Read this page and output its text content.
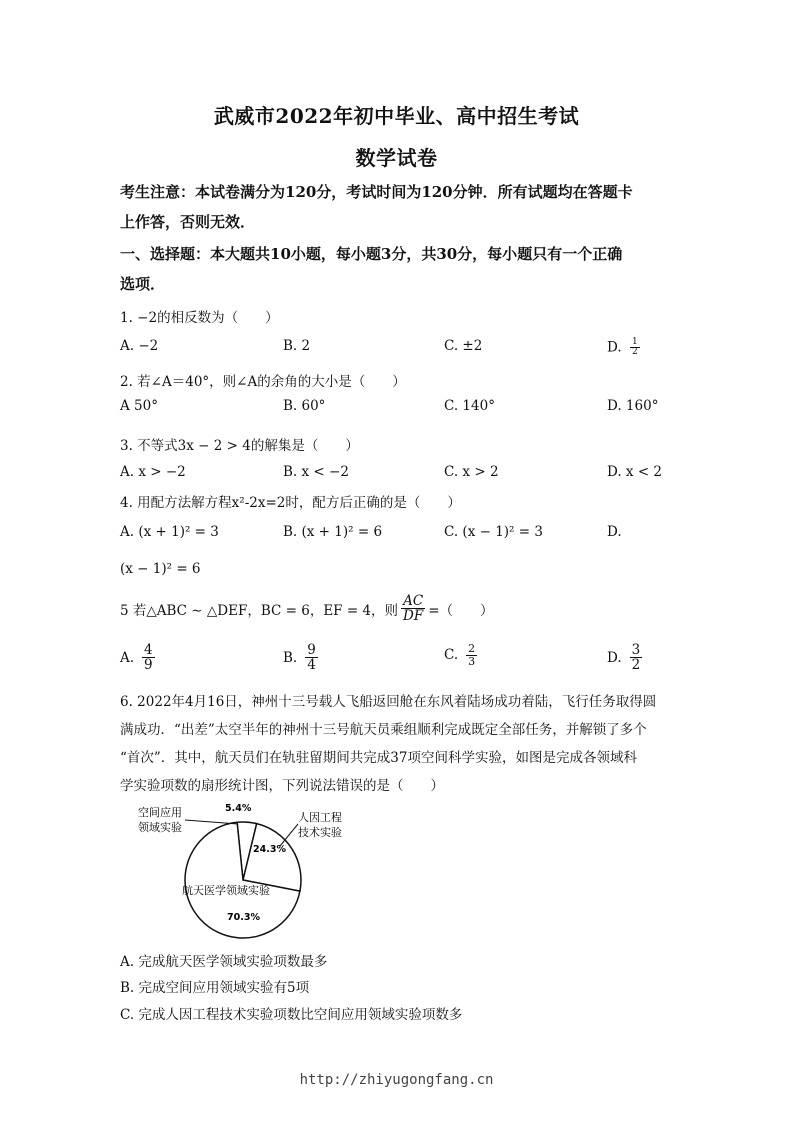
武威市2022年初中毕业、高中招生考试
数学试卷
考生注意：本试卷满分为120分，考试时间为120分钟．所有试题均在答题卡
上作答，否则无效．
一、选择题：本大题共10小题，每小题3分，共30分，每小题只有一个正确
选项．
1. −2的相反数为（　　）
A. −2	B. 2	C. ±2	D. $\frac{1}{2}$
2. 若∠A＝40°，则∠A的余角的大小是（　　）
A 50°	B. 60°	C. 140°	D. 160°
3. 不等式3x − 2 > 4的解集是（　　）
A. x > −2	B. x < −2	C. x > 2	D. x < 2
4. 用配方法解方程x²-2x=2时，配方后正确的是（　　）
A. (x + 1)² = 3	B. (x + 1)² = 6	C. (x − 1)² = 3	D.
(x − 1)² = 6
5 若△ABC ∼ △DEF，BC = 6，EF = 4，则 $\frac{AC}{DF}$ =（　　）
A. $\frac{4}{9}$	B. $\frac{9}{4}$	C. $\frac{2}{3}$	D. $\frac{3}{2}$
6. 2022年4月16日，神州十三号载人飞船返回舱在东风着陆场成功着陆，飞行任务取得圆
满成功．“出差”太空半年的神州十三号航天员乘组顺利完成既定全部任务，并解锁了多个
“首次”．其中，航天员们在轨驻留期间共完成37项空间科学实验，如图是完成各领域科
学实验项数的扇形统计图，下列说法错误的是（　　）
空间应用
领域实验
5.4%
人因工程
技术实验
24.3%
航天医学领域实验
70.3%
A. 完成航天医学领域实验项数最多
B. 完成空间应用领域实验有5项
C. 完成人因工程技术实验项数比空间应用领域实验项数多
http://zhiyugongfang.cn
